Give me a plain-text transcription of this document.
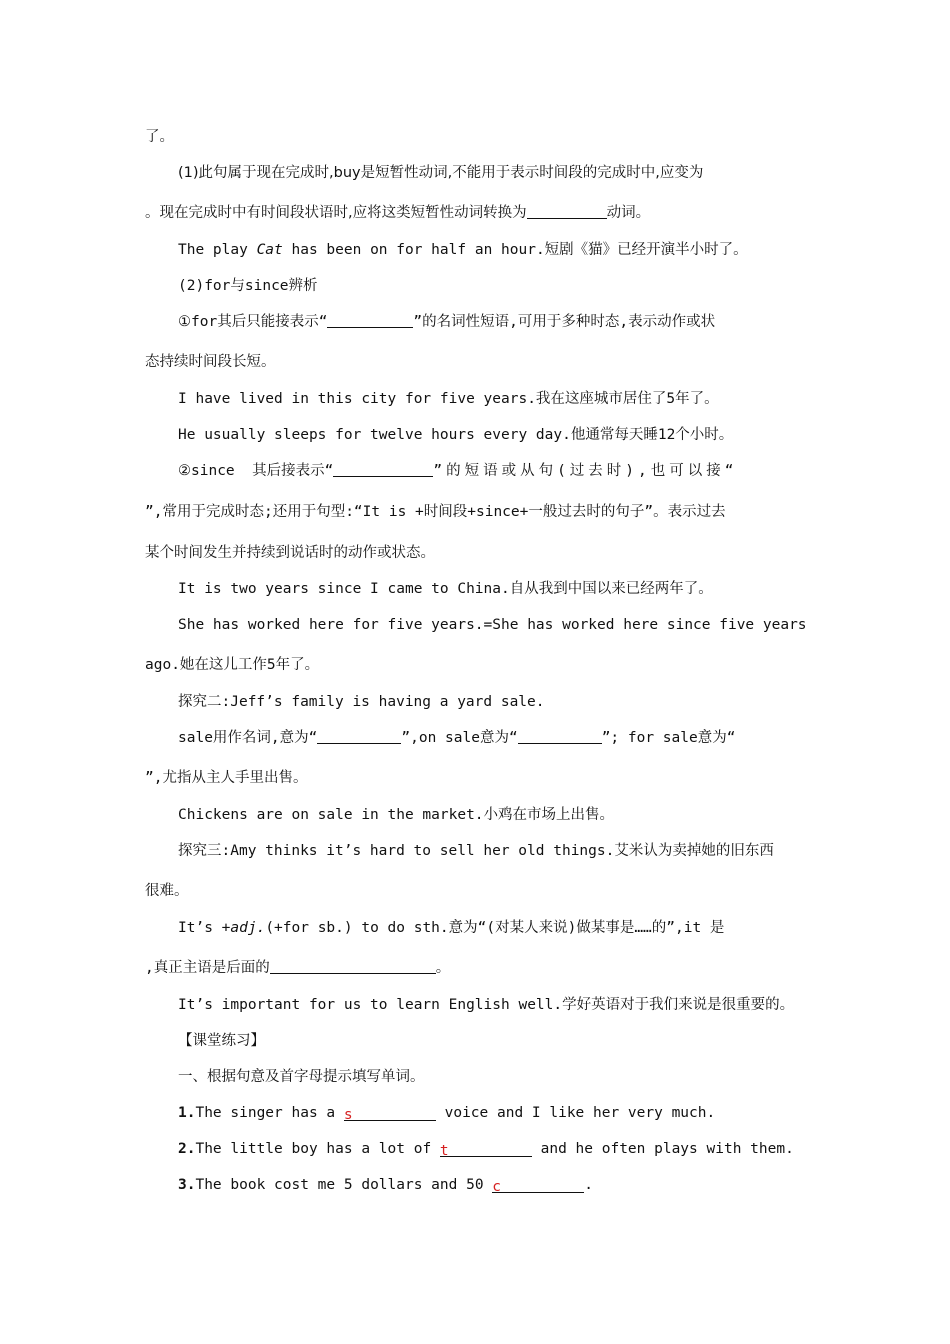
了。
(1)此句属于现在完成时,buy是短暂性动词,不能用于表示时间段的完成时中,应变为
。现在完成时中有时间段状语时,应将这类短暂性动词转换为	动词。
The play Cat has been on for half an hour.短剧《猫》已经开演半小时了。
(2)for与since辨析
①for其后只能接表示“	”的名词性短语,可用于多种时态,表示动作或状
态持续时间段长短。
I have lived in this city for five years.我在这座城市居住了5年了。
He usually sleeps for twelve hours every day.他通常每天睡12个小时。
②since  其后接表示“	”的短语或从句(过去时),也可以接“
”,常用于完成时态;还用于句型:“It is +时间段+since+一般过去时的句子”。表示过去
某个时间发生并持续到说话时的动作或状态。
It is two years since I came to China.自从我到中国以来已经两年了。
She has worked here for five years.=She has worked here since five years
ago.她在这儿工作5年了。
探究二:Jeff’s family is having a yard sale.
sale用作名词,意为“	”,on sale意为“	”; for sale意为“
”,尤指从主人手里出售。
Chickens are on sale in the market.小鸡在市场上出售。
探究三:Amy thinks it’s hard to sell her old things.艾米认为卖掉她的旧东西
很难。
It’s +adj.(+for sb.) to do sth.意为“(对某人来说)做某事是……的”,it 是
,真正主语是后面的	。
It’s important for us to learn English well.学好英语对于我们来说是很重要的。
【课堂练习】
一、根据句意及首字母提示填写单词。
1.The singer has a s	voice and I like her very much.
2.The little boy has a lot of t	and he often plays with them.
3.The book cost me 5 dollars and 50 c	.
